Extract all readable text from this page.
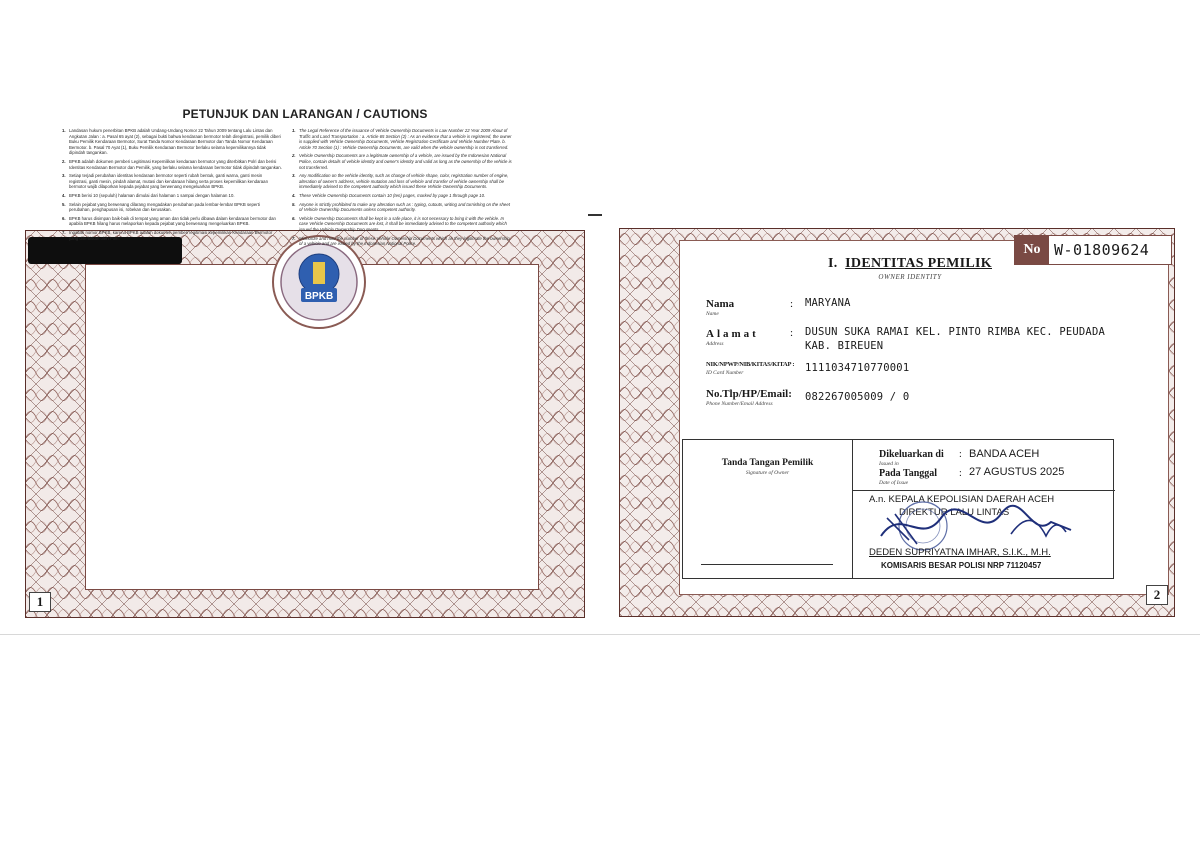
BPKB
1
PETUNJUK DAN LARANGAN / CAUTIONS
1. Landasan hukum penerbitan BPKB adalah Undang-Undang Nomor 22 Tahun 2009 tentang Lalu Lintas dan Angkutan Jalan : a. Pasal 65 ayat (2), sebagai bukti bahwa kendaraan bermotor telah diregistrasi, pemilik diberi Buku Pemilik Kendaraan Bermotor, Surat Tanda Nomor Kendaraan Bermotor dan Tanda Nomor Kendaraan Bermotor. b. Pasal 70 Ayat (1), Buku Pemilik Kendaraan Bermotor berlaku selama kepemilikannya tidak dipindah tangankan.
2. BPKB adalah dokumen pemberi Legitimasi Kepemilikan kendaraan bermotor yang diterbitkan Polri dan berisi Identitas Kendaraan Bermotor dan Pemilik, yang berlaku selama kendaraan bermotor tidak dipindah tangankan.
3. Setiap terjadi perubahan identitas kendaraan bermotor seperti rubah bentuk, ganti warna, ganti mesin registrasi, ganti mesin, pindah alamat, mutasi dan kendaraan hilang serta proses kepemilikan kendaraan bermotor wajib dilaporkan kepada pejabat yang berwenang mengeluarkan BPKB.
4. BPKB berisi 10 (sepuluh) halaman dimulai dari halaman 1 sampai dengan halaman 10.
5. Selain pejabat yang berwenang dilarang mengadakan perubahan pada lembar-lembar BPKB seperti perubahan, penghapusan isi, robekan dan kerusakan.
6. BPKB harus disimpan baik-baik di tempat yang aman dan tidak perlu dibawa dalam kendaraan bermotor dan apabila BPKB hilang harus melaporkan kepada pejabat yang berwenang mengeluarkan BPKB.
7. Ingatlah nomor BPKB, karena BPKB adalah dokumen pemberi legitimasi kepemilikan Kendaraan Bermotor yang diterbitkan oleh Polri.
1. The Legal Reference of the issuance of Vehicle Ownership Documents is Law Number 22 Year 2009 About of Traffic and Land Transportation : a. Article 65 Section (2) : As an evidence that a vehicle is registered, the owner is supplied with Vehicle Ownership Documents, Vehicle Registration Certificate and Vehicle Number Plate. b. Article 70 Section (1) : Vehicle Ownership Documents, are valid when the vehicle ownership is not transferred.
2. Vehicle Ownership Documents are a legitimate ownership of a vehicle, are issued by the Indonesian National Police, contain details of vehicle identity and owner's identity and valid as long as the ownership of the vehicle is not transferred.
3. Any modification on the vehicle identity, such as change of vehicle shape, color, registration number of engine, alteration of owner's address, vehicle mutation and loss of vehicle and transfer of vehicle ownership shall be immediately advised to the competent authority which issued these Vehicle Ownership Documents.
4. These Vehicle Ownership Documents contain 10 (ten) pages, marked by page 1 through page 10.
5. Anyone is strictly prohibited to make any alteration such as : typing, cutouts, writing and tarnishing on the sheet of Vehicle Ownership Documents unless competent authority.
6. Vehicle Ownership Documents shall be kept in a safe place, it is not necessary to bring it with the vehicle. In case Vehicle Ownership Documents are lost, it shall be immediately advised to the competent authority which issued the Vehicle Ownership Documents.
7. Memorize and note the number of these Vehicle Ownership Documents which as they legitimate the ownership of a vehicle and are issued by the Indonesian National Police.
2
No W-01809624
I. IDENTITAS PEMILIK
OWNER IDENTITY
Nama
Name
: MARYANA
Alamat
Address
: DUSUN SUKA RAMAI KEL. PINTO RIMBA KEC. PEUDADA
KAB. BIREUEN
NIK/NPWP/NIB/KITAS/KITAP :
ID Card Number	1111034710770001
No.Tlp/HP/Email:
Phone Number/Email Address
082267005009 / 0
Tanda Tangan Pemilik
Signature of Owner
Dikeluarkan di :
Issued in
BANDA ACEH
Pada Tanggal :
Date of Issue
27 AGUSTUS 2025
A.n. KEPALA KEPOLISIAN DAERAH ACEH
DIREKTUR LALU LINTAS
DEDEN SUPRIYATNA IMHAR, S.I.K., M.H.
KOMISARIS BESAR POLISI NRP 71120457
